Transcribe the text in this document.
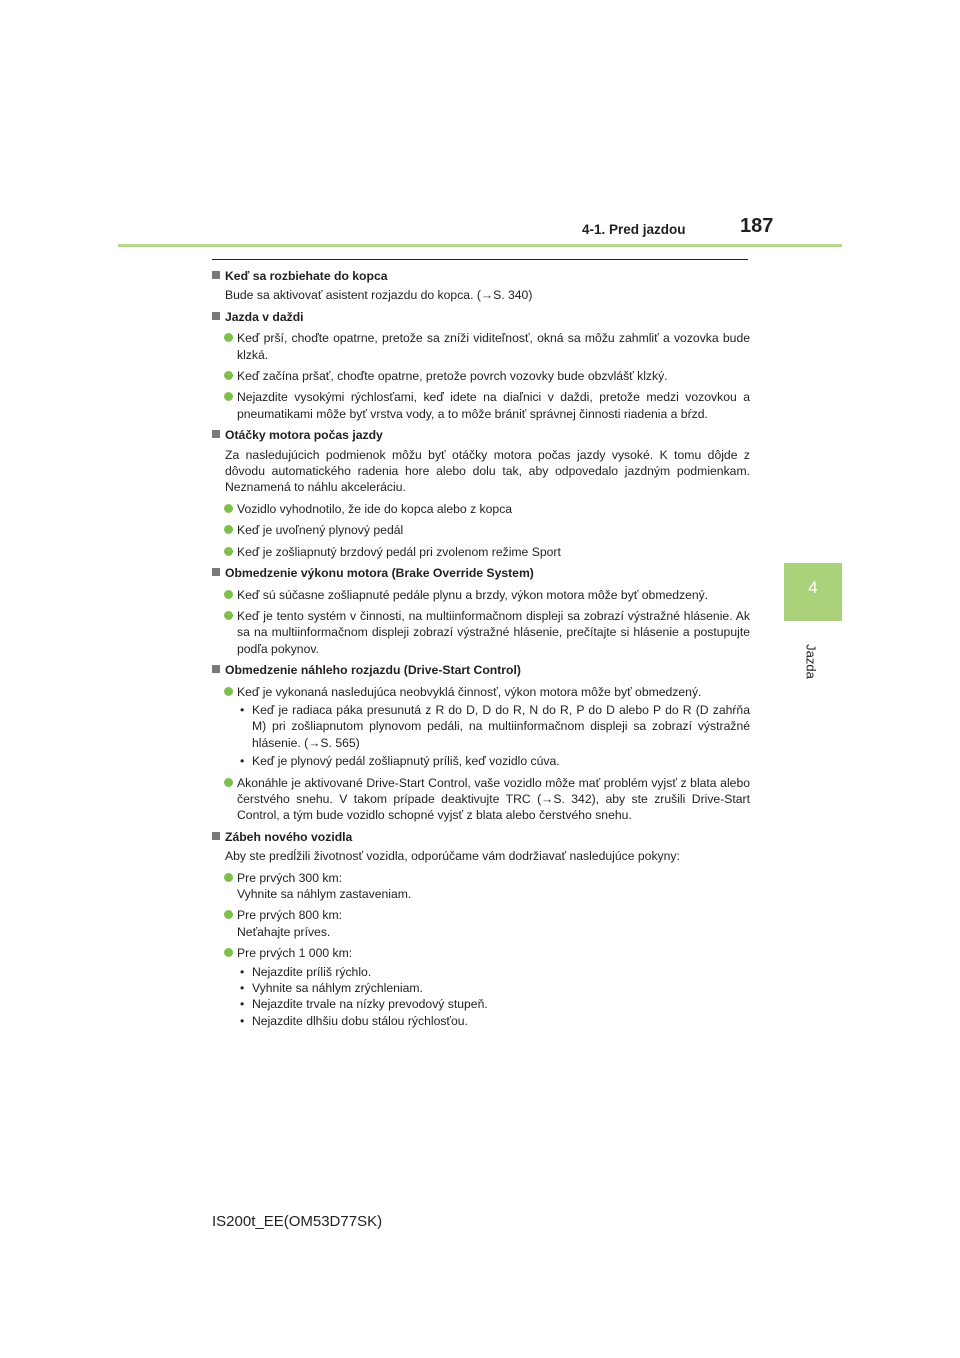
4-1. Pred jazdou	187
4
Jazda

Keď sa rozbiehate do kopca

Bude sa aktivovať asistent rozjazdu do kopca. (→S. 340)

Jazda v daždi

Keď prší, choďte opatrne, pretože sa zníži viditeľnosť, okná sa môžu zahmliť a vozovka bude klzká.

Keď začína pršať, choďte opatrne, pretože povrch vozovky bude obzvlášť klzký.

Nejazdite vysokými rýchlosťami, keď idete na diaľnici v daždi, pretože medzi vozovkou a pneumatikami môže byť vrstva vody, a to môže brániť správnej činnosti riadenia a bŕzd.

Otáčky motora počas jazdy

Za nasledujúcich podmienok môžu byť otáčky motora počas jazdy vysoké. K tomu dôjde z dôvodu automatického radenia hore alebo dolu tak, aby odpovedalo jazdným podmienkam. Neznamená to náhlu akceleráciu.

Vozidlo vyhodnotilo, že ide do kopca alebo z kopca

Keď je uvoľnený plynový pedál

Keď je zošliapnutý brzdový pedál pri zvolenom režime Sport

Obmedzenie výkonu motora (Brake Override System)

Keď sú súčasne zošliapnuté pedále plynu a brzdy, výkon motora môže byť obmedzený.

Keď je tento systém v činnosti, na multiinformačnom displeji sa zobrazí výstražné hlásenie. Ak sa na multiinformačnom displeji zobrazí výstražné hlásenie, prečítajte si hlásenie a postupujte podľa pokynov.

Obmedzenie náhleho rozjazdu (Drive-Start Control)

Keď je vykonaná nasledujúca neobvyklá činnosť, výkon motora môže byť obmedzený.

• Keď je radiaca páka presunutá z R do D, D do R, N do R, P do D alebo P do R (D zahŕňa M) pri zošliapnutom plynovom pedáli, na multiinformačnom displeji sa zobrazí výstražné hlásenie. (→S. 565)

• Keď je plynový pedál zošliapnutý príliš, keď vozidlo cúva.

Akonáhle je aktivované Drive-Start Control, vaše vozidlo môže mať problém vyjsť z blata alebo čerstvého snehu. V takom prípade deaktivujte TRC (→S. 342), aby ste zrušili Drive-Start Control, a tým bude vozidlo schopné vyjsť z blata alebo čerstvého snehu.

Zábeh nového vozidla

Aby ste predĺžili životnosť vozidla, odporúčame vám dodržiavať nasledujúce pokyny:

Pre prvých 300 km:
Vyhnite sa náhlym zastaveniam.

Pre prvých 800 km:
Neťahajte príves.

Pre prvých 1 000 km:

• Nejazdite príliš rýchlo.

• Vyhnite sa náhlym zrýchleniam.

• Nejazdite trvale na nízky prevodový stupeň.

• Nejazdite dlhšiu dobu stálou rýchlosťou.

IS200t_EE(OM53D77SK)
